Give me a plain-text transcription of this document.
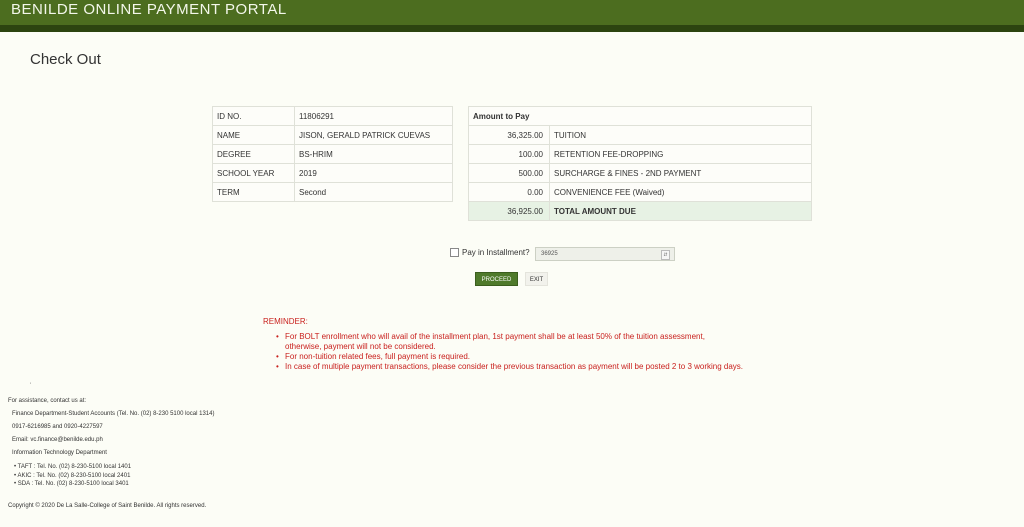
BENILDE ONLINE PAYMENT PORTAL
Check Out
ID NO.	11806291
NAME	JISON, GERALD PATRICK CUEVAS
DEGREE	BS-HRIM
SCHOOL YEAR	2019
TERM	Second
Amount to Pay	
36,325.00	TUITION
100.00	RETENTION FEE-DROPPING
500.00	SURCHARGE & FINES - 2ND PAYMENT
0.00	CONVENIENCE FEE (Waived)
36,925.00	TOTAL AMOUNT DUE
Pay in Installment?	36925	⇵
PROCEED	EXIT
REMINDER:
• For BOLT enrollment who will avail of the installment plan, 1st payment shall be at least 50% of the tuition assessment,
otherwise, payment will not be considered.
• For non-tuition related fees, full payment is required.
• In case of multiple payment transactions, please consider the previous transaction as payment will be posted 2 to 3 working days.
'
For assistance, contact us at:
Finance Department-Student Accounts (Tel. No. (02) 8-230 5100 local 1314)
0917-6216985 and 0920-4227597
Email: vc.finance@benilde.edu.ph
Information Technology Department
• TAFT : Tel. No. (02) 8-230-5100 local 1401
• AKIC : Tel. No. (02) 8-230-5100 local 2401
• SDA : Tel. No. (02) 8-230-5100 local 3401
Copyright © 2020 De La Salle-College of Saint Benilde. All rights reserved.
